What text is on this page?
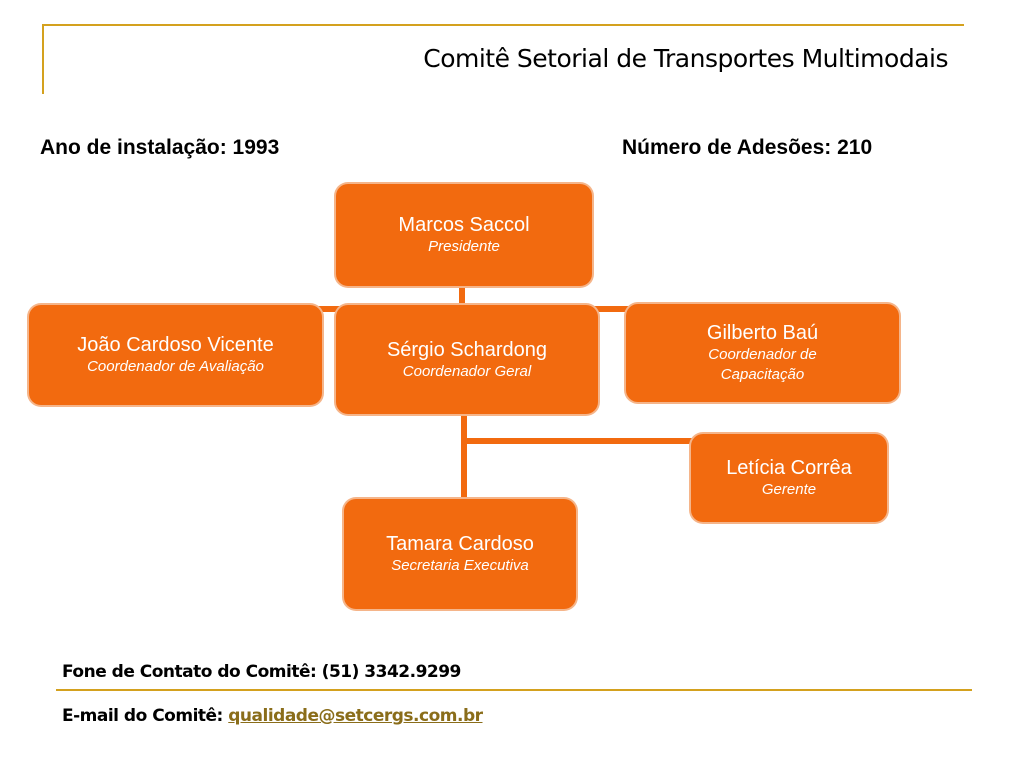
Comitê Setorial de Transportes Multimodais
Ano de instalação: 1993	Número de Adesões: 210
Marcos Saccol
Presidente
João Cardoso Vicente
Coordenador de Avaliação
Sérgio Schardong
Coordenador Geral
Gilberto Baú
Coordenador de Capacitação
Letícia Corrêa
Gerente
Tamara Cardoso
Secretaria Executiva
Fone de Contato do Comitê: (51) 3342.9299
E-mail do Comitê: qualidade@setcergs.com.br
